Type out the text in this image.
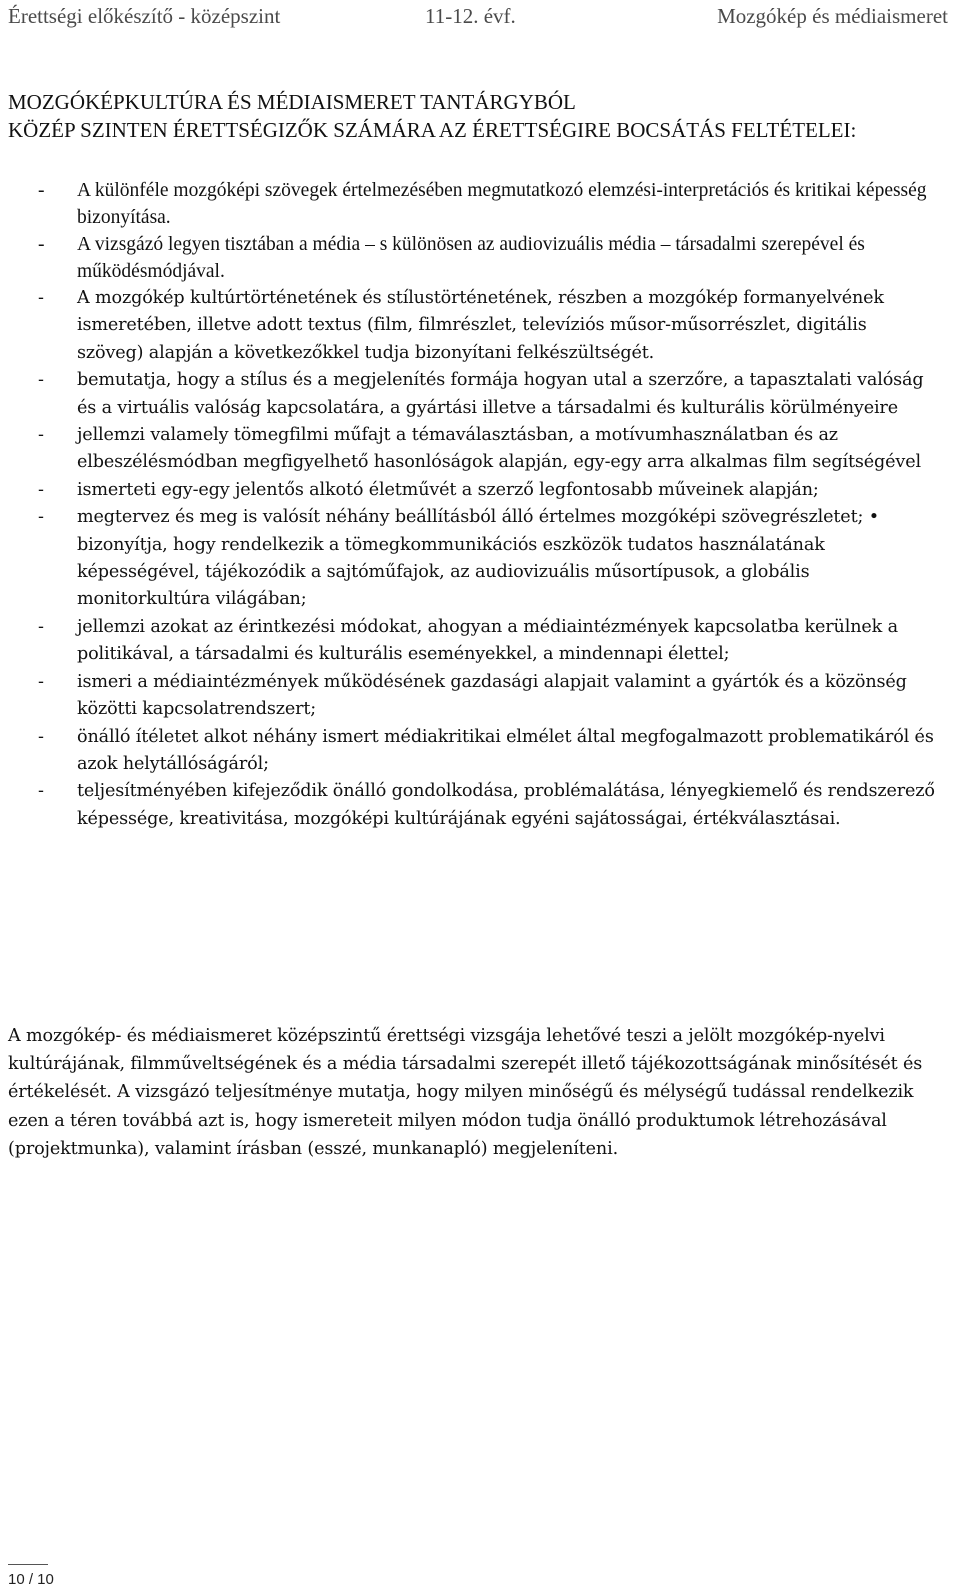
Érettségi előkészítő - középszint	11-12. évf.	Mozgókép és médiaismeret
MOZGÓKÉPKULTÚRA ÉS MÉDIAISMERET TANTÁRGYBÓL
KÖZÉP SZINTEN ÉRETTSÉGIZŐK SZÁMÁRA AZ ÉRETTSÉGIRE BOCSÁTÁS FELTÉTELEI:
- A különféle mozgóképi szövegek értelmezésében megmutatkozó elemzési-interpretációs és kritikai képesség bizonyítása.
- A vizsgázó legyen tisztában a média – s különösen az audiovizuális média – társadalmi szerepével és működésmódjával.
- A mozgókép kultúrtörténetének és stílustörténetének, részben a mozgókép formanyelvének ismeretében, illetve adott textus (film, filmrészlet, televíziós műsor-műsorrészlet, digitális szöveg) alapján a következőkkel tudja bizonyítani felkészültségét.
- bemutatja, hogy a stílus és a megjelenítés formája hogyan utal a szerzőre, a tapasztalati valóság és a virtuális valóság kapcsolatára, a gyártási illetve a társadalmi és kulturális körülményeire
- jellemzi valamely tömegfilmi műfajt a témaválasztásban, a motívumhasználatban és az elbeszélésmódban megfigyelhető hasonlóságok alapján, egy-egy arra alkalmas film segítségével
- ismerteti egy-egy jelentős alkotó életművét a szerző legfontosabb műveinek alapján;
- megtervez és meg is valósít néhány beállításból álló értelmes mozgóképi szövegrészletet; • bizonyítja, hogy rendelkezik a tömegkommunikációs eszközök tudatos használatának képességével, tájékozódik a sajtóműfajok, az audiovizuális műsortípusok, a globális monitorkultúra világában;
- jellemzi azokat az érintkezési módokat, ahogyan a médiaintézmények kapcsolatba kerülnek a politikával, a társadalmi és kulturális eseményekkel, a mindennapi élettel;
- ismeri a médiaintézmények működésének gazdasági alapjait valamint a gyártók és a közönség közötti kapcsolatrendszert;
- önálló ítéletet alkot néhány ismert médiakritikai elmélet által megfogalmazott problematikáról és azok helytállóságáról;
- teljesítményében kifejeződik önálló gondolkodása, problémalátása, lényegkiemelő és rendszerező képessége, kreativitása, mozgóképi kultúrájának egyéni sajátosságai, értékválasztásai.

A mozgókép- és médiaismeret középszintű érettségi vizsgája lehetővé teszi a jelölt mozgókép-nyelvi kultúrájának, filmműveltségének és a média társadalmi szerepét illető tájékozottságának minősítését és értékelését. A vizsgázó teljesítménye mutatja, hogy milyen minőségű és mélységű tudással rendelkezik ezen a téren továbbá azt is, hogy ismereteit milyen módon tudja önálló produktumok létrehozásával (projektmunka), valamint írásban (esszé, munkanapló) megjeleníteni.

10 / 10
